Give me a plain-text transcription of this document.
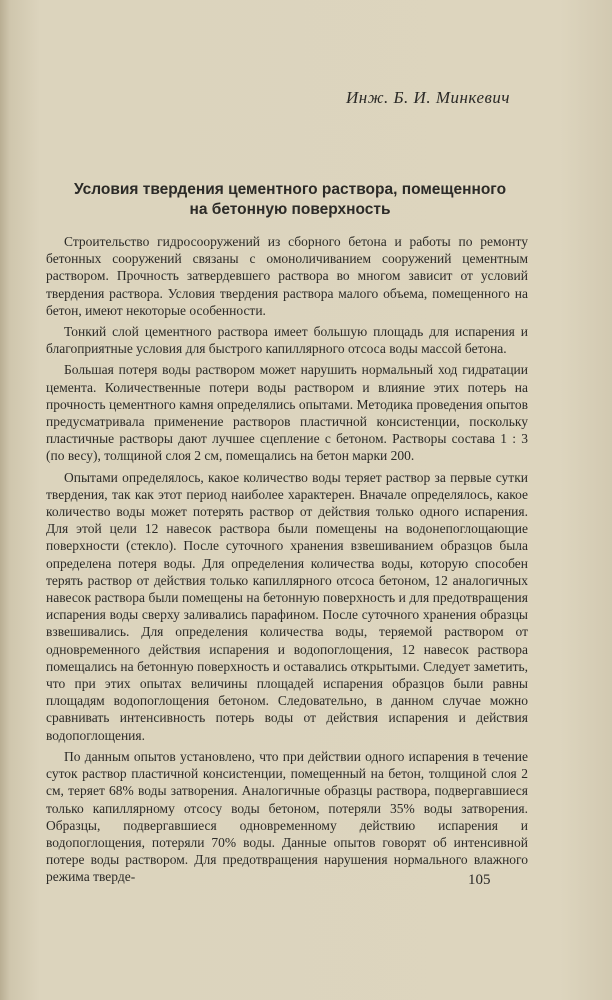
Инж. Б. И. Минкевич
Условия твердения цементного раствора, помещенного
на бетонную поверхность

Строительство гидросооружений из сборного бетона и работы по ремонту бетонных сооружений связаны с омоноличиванием сооружений цементным раствором. Прочность затвердевшего раствора во многом зависит от условий твердения раствора. Условия твердения раствора малого объема, помещенного на бетон, имеют некоторые особенности.

Тонкий слой цементного раствора имеет большую площадь для испарения и благоприятные условия для быстрого капиллярного отсоса воды массой бетона.

Большая потеря воды раствором может нарушить нормальный ход гидратации цемента. Количественные потери воды раствором и влияние этих потерь на прочность цементного камня определялись опытами. Методика проведения опытов предусматривала применение растворов пластичной консистенции, поскольку пластичные растворы дают лучшее сцепление с бетоном. Растворы состава 1 : 3 (по весу), толщиной слоя 2 см, помещались на бетон марки 200.

Опытами определялось, какое количество воды теряет раствор за первые сутки твердения, так как этот период наиболее характерен. Вначале определялось, какое количество воды может потерять раствор от действия только одного испарения. Для этой цели 12 навесок раствора были помещены на водонепоглощающие поверхности (стекло). После суточного хранения взвешиванием образцов была определена потеря воды. Для определения количества воды, которую способен терять раствор от действия только капиллярного отсоса бетоном, 12 аналогичных навесок раствора были помещены на бетонную поверхность и для предотвращения испарения воды сверху заливались парафином. После суточного хранения образцы взвешивались. Для определения количества воды, теряемой раствором от одновременного действия испарения и водопоглощения, 12 навесок раствора помещались на бетонную поверхность и оставались открытыми. Следует заметить, что при этих опытах величины площадей испарения образцов были равны площадям водопоглощения бетоном. Следовательно, в данном случае можно сравнивать интенсивность потерь воды от действия испарения и действия водопоглощения.

По данным опытов установлено, что при действии одного испарения в течение суток раствор пластичной консистенции, помещенный на бетон, толщиной слоя 2 см, теряет 68% воды затворения. Аналогичные образцы раствора, подвергавшиеся только капиллярному отсосу воды бетоном, потеряли 35% воды затворения. Образцы, подвергавшиеся одновременному действию испарения и водопоглощения, потеряли 70% воды. Данные опытов говорят об интенсивной потере воды раствором. Для предотвращения нарушения нормального влажного режима тверде-	105
